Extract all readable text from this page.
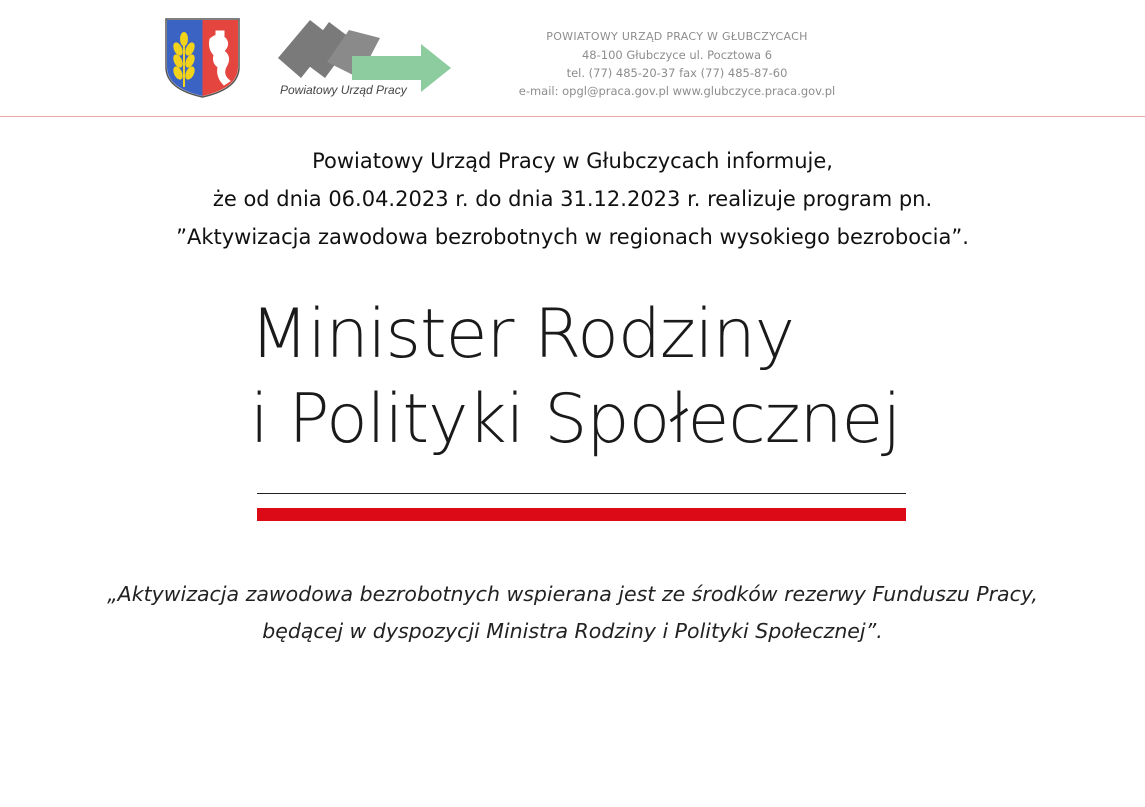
Powiatowy Urząd Pracy
POWIATOWY URZĄD PRACY W GŁUBCZYCACH
48-100 Głubczyce ul. Pocztowa 6
tel. (77) 485-20-37 fax (77) 485-87-60
e-mail: opgl@praca.gov.pl www.glubczyce.praca.gov.pl
Powiatowy Urząd Pracy w Głubczycach informuje,
że od dnia 06.04.2023 r. do dnia 31.12.2023 r. realizuje program pn.
”Aktywizacja zawodowa bezrobotnych w regionach wysokiego bezrobocia”.
Minister Rodziny
i Polityki Społecznej
„Aktywizacja zawodowa bezrobotnych wspierana jest ze środków rezerwy Funduszu Pracy,
będącej w dyspozycji Ministra Rodziny i Polityki Społecznej”.
